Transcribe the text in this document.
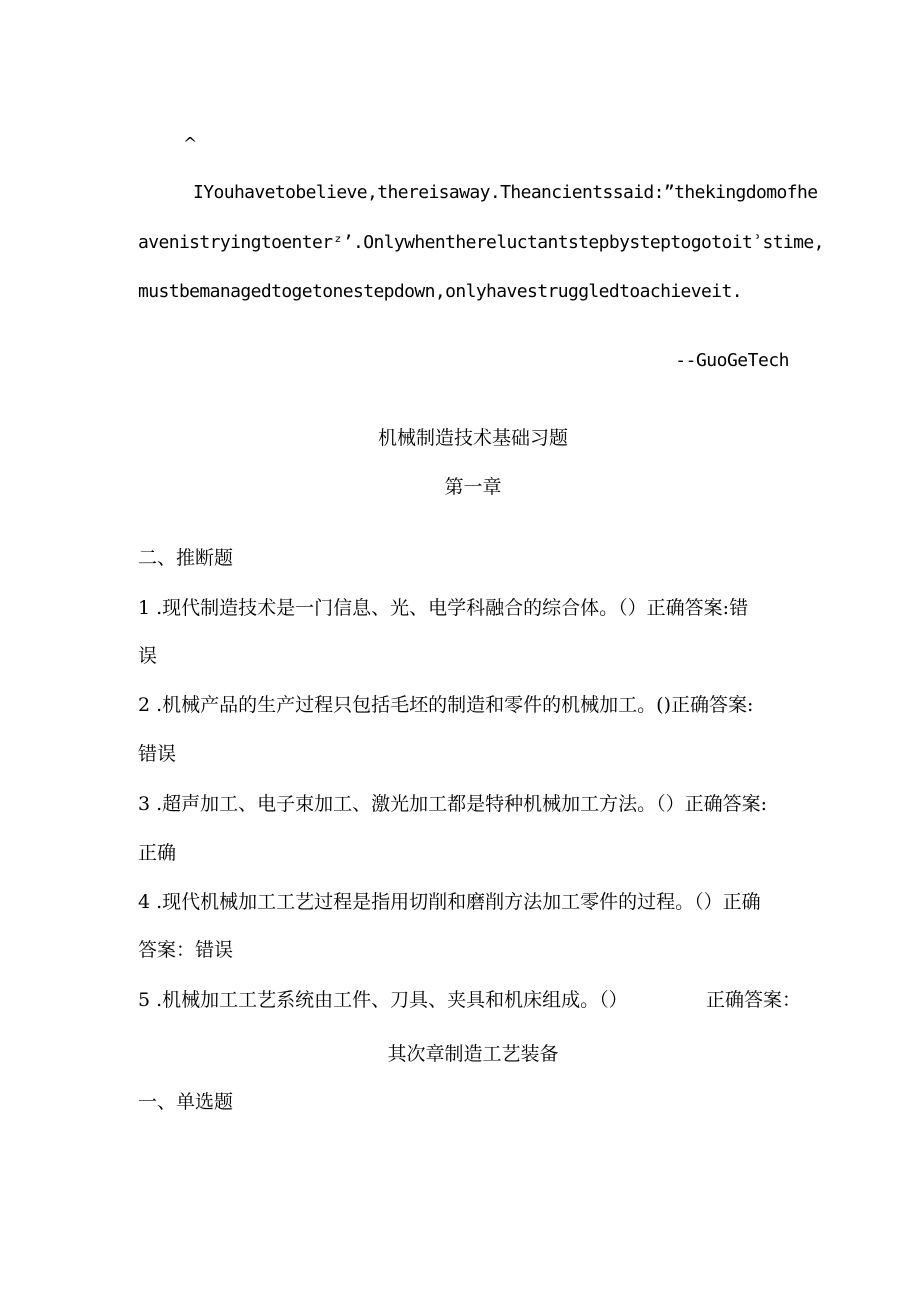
^
IYouhavetobelieve,thereisaway.Theancientssaid:”thekingdomofhe
avenistryingtoenterᶻʼ.Onlywhenthereluctantstepbysteptogotoitʾstime,
mustbemanagedtogetonestepdown,onlyhavestruggledtoachieveit.
--GuoGeTech
机械制造技术基础习题
第一章
二、推断题
1 .现代制造技术是一门信息、光、电学科融合的综合体。（）正确答案:错
误
2 .机械产品的生产过程只包括毛坯的制造和零件的机械加工。()正确答案:
错误
3 .超声加工、电子束加工、激光加工都是特种机械加工方法。（）正确答案:
正确
4 .现代机械加工工艺过程是指用切削和磨削方法加工零件的过程。（）正确
答案：错误
5 .机械加工工艺系统由工件、刀具、夹具和机床组成。（）	正确答案：
其次章制造工艺装备
一、单选题
